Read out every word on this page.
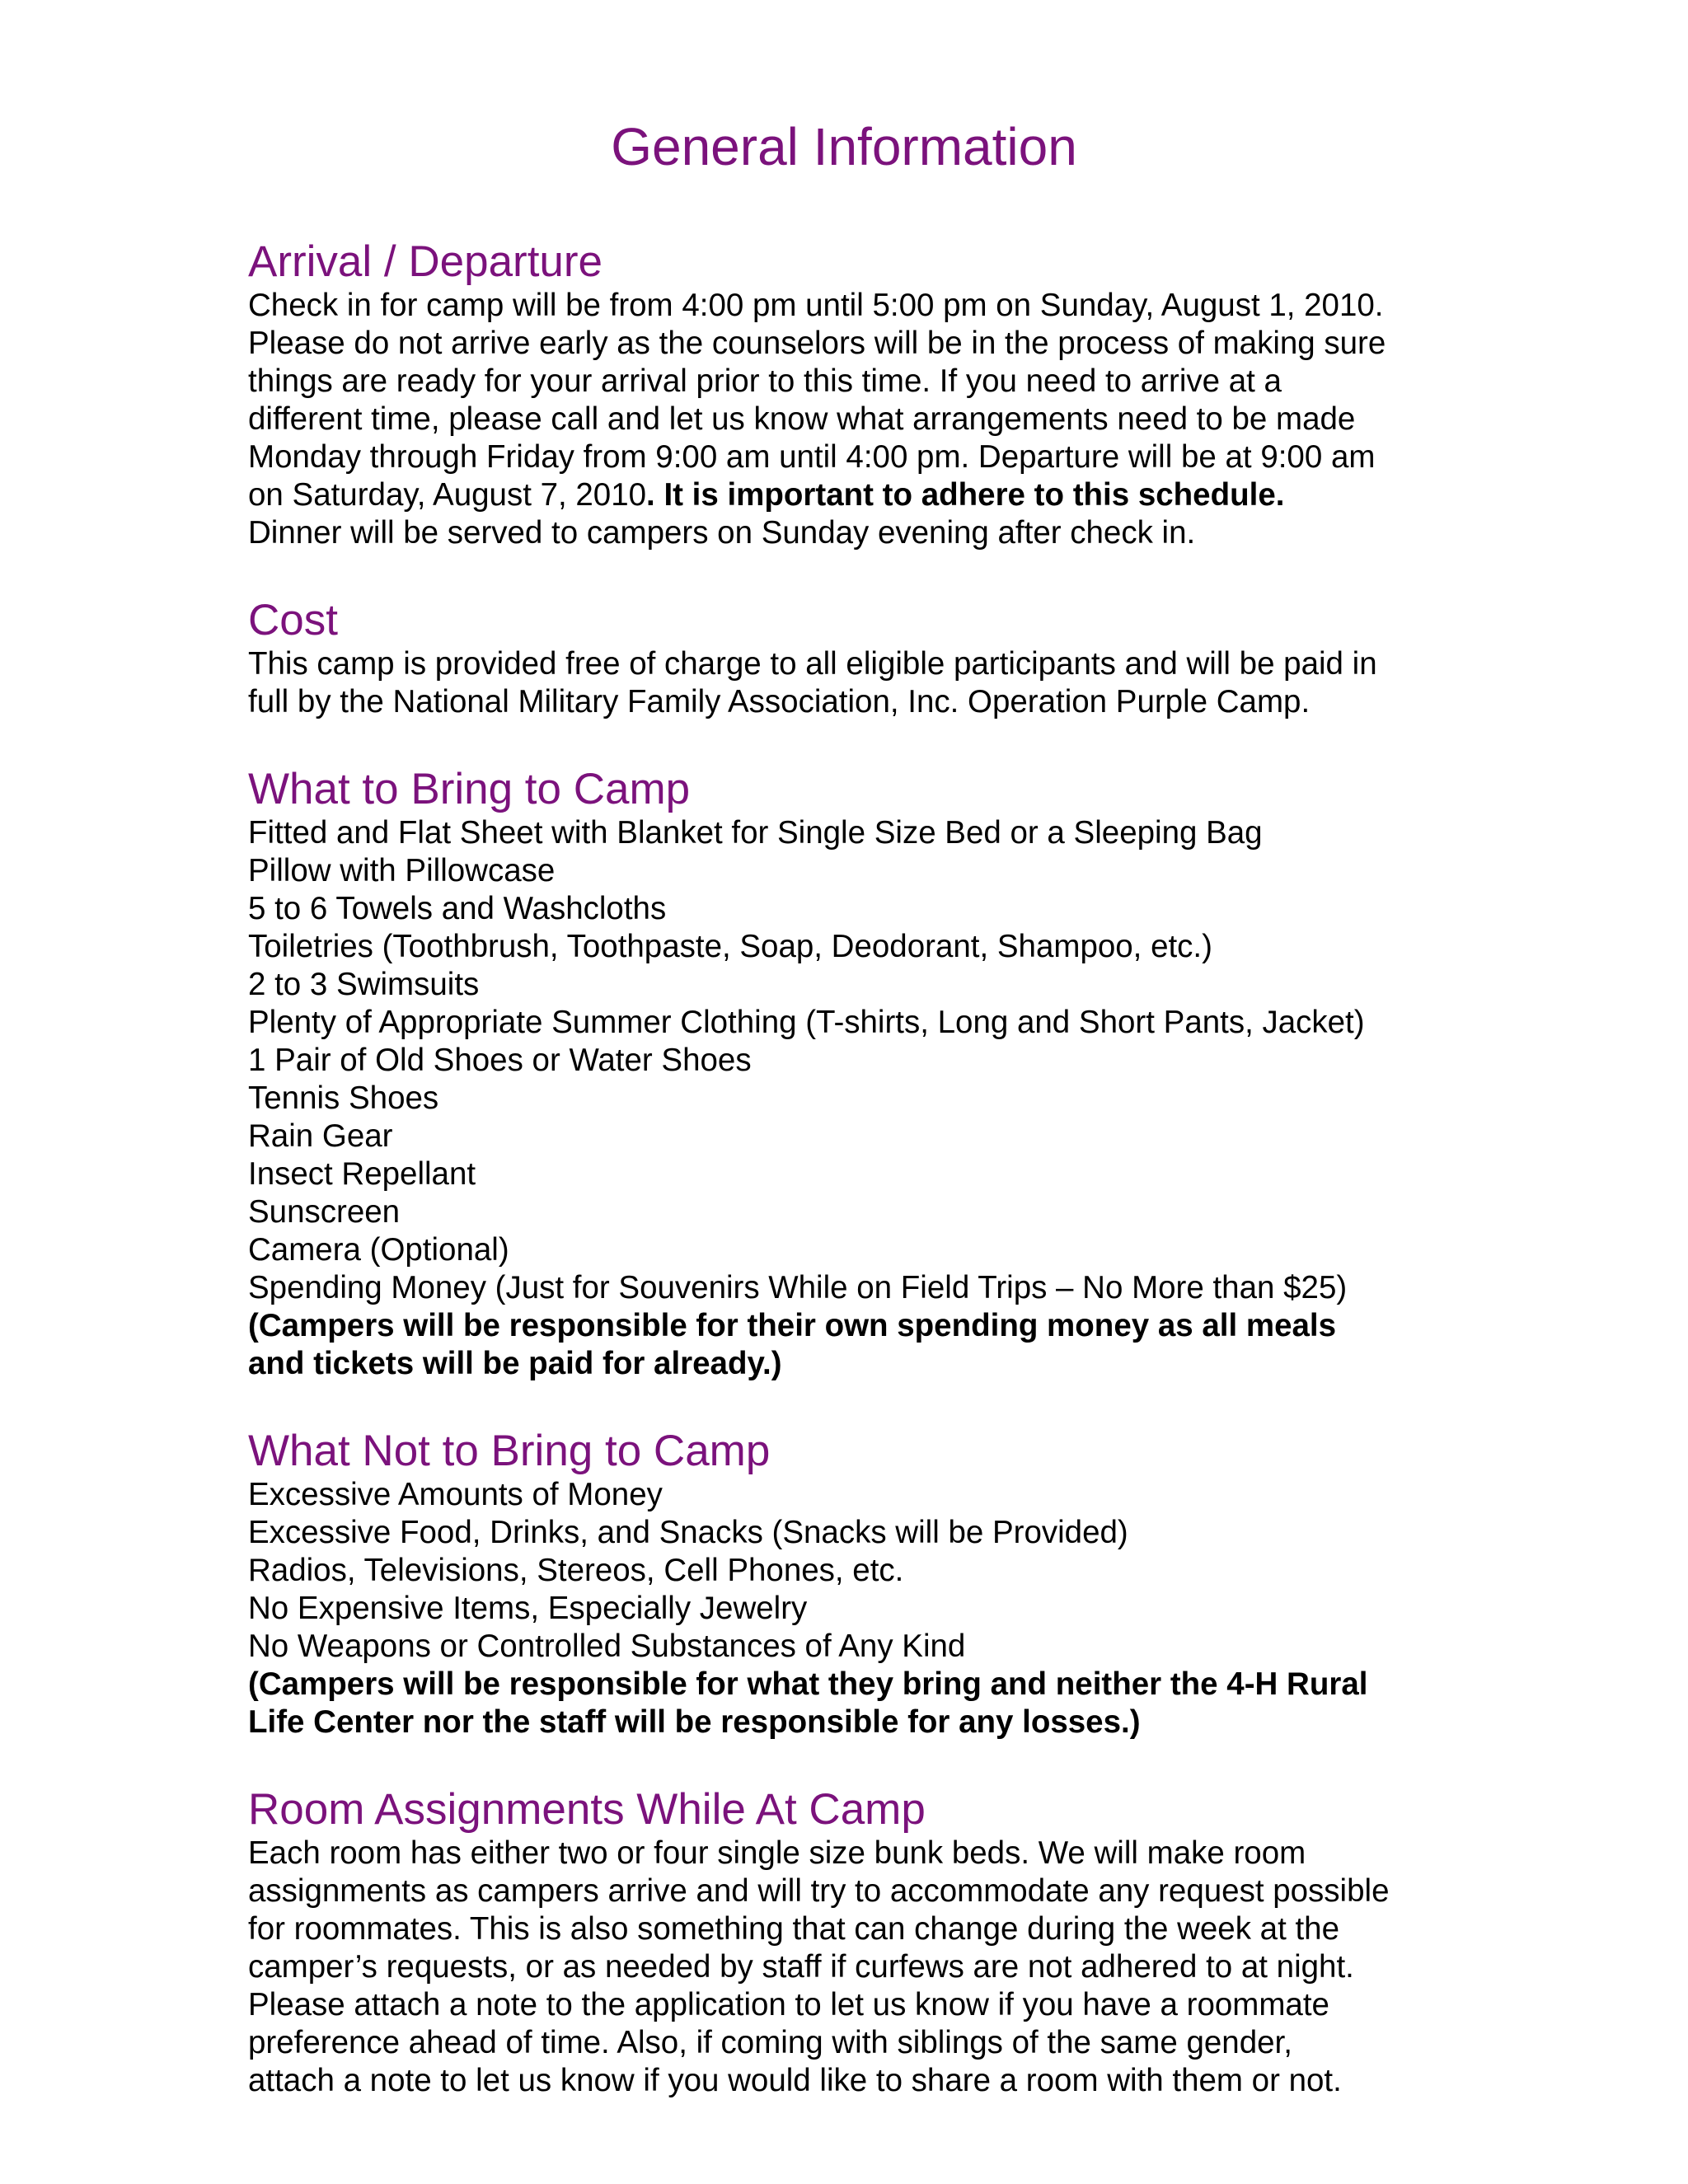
General Information
Arrival / Departure

Check in for camp will be from 4:00 pm until 5:00 pm on Sunday, August 1, 2010.

Please do not arrive early as the counselors will be in the process of making sure

things are ready for your arrival prior to this time. If you need to arrive at a

different time, please call and let us know what arrangements need to be made

Monday through Friday from 9:00 am until 4:00 pm. Departure will be at 9:00 am

on Saturday, August 7, 2010. It is important to adhere to this schedule.

Dinner will be served to campers on Sunday evening after check in.

Cost

This camp is provided free of charge to all eligible participants and will be paid in

full by the National Military Family Association, Inc. Operation Purple Camp.

What to Bring to Camp
Fitted and Flat Sheet with Blanket for Single Size Bed or a Sleeping Bag
Pillow with Pillowcase
5 to 6 Towels and Washcloths
Toiletries (Toothbrush, Toothpaste, Soap, Deodorant, Shampoo, etc.)
2 to 3 Swimsuits
Plenty of Appropriate Summer Clothing (T-shirts, Long and Short Pants, Jacket)
1 Pair of Old Shoes or Water Shoes
Tennis Shoes
Rain Gear
Insect Repellant
Sunscreen
Camera (Optional)
Spending Money (Just for Souvenirs While on Field Trips – No More than $25)

(Campers will be responsible for their own spending money as all meals

and tickets will be paid for already.)

What Not to Bring to Camp
Excessive Amounts of Money
Excessive Food, Drinks, and Snacks (Snacks will be Provided)
Radios, Televisions, Stereos, Cell Phones, etc.
No Expensive Items, Especially Jewelry
No Weapons or Controlled Substances of Any Kind

(Campers will be responsible for what they bring and neither the 4-H Rural

Life Center nor the staff will be responsible for any losses.)

Room Assignments While At Camp

Each room has either two or four single size bunk beds. We will make room

assignments as campers arrive and will try to accommodate any request possible

for roommates. This is also something that can change during the week at the

camper’s requests, or as needed by staff if curfews are not adhered to at night.

Please attach a note to the application to let us know if you have a roommate

preference ahead of time. Also, if coming with siblings of the same gender,

attach a note to let us know if you would like to share a room with them or not.
